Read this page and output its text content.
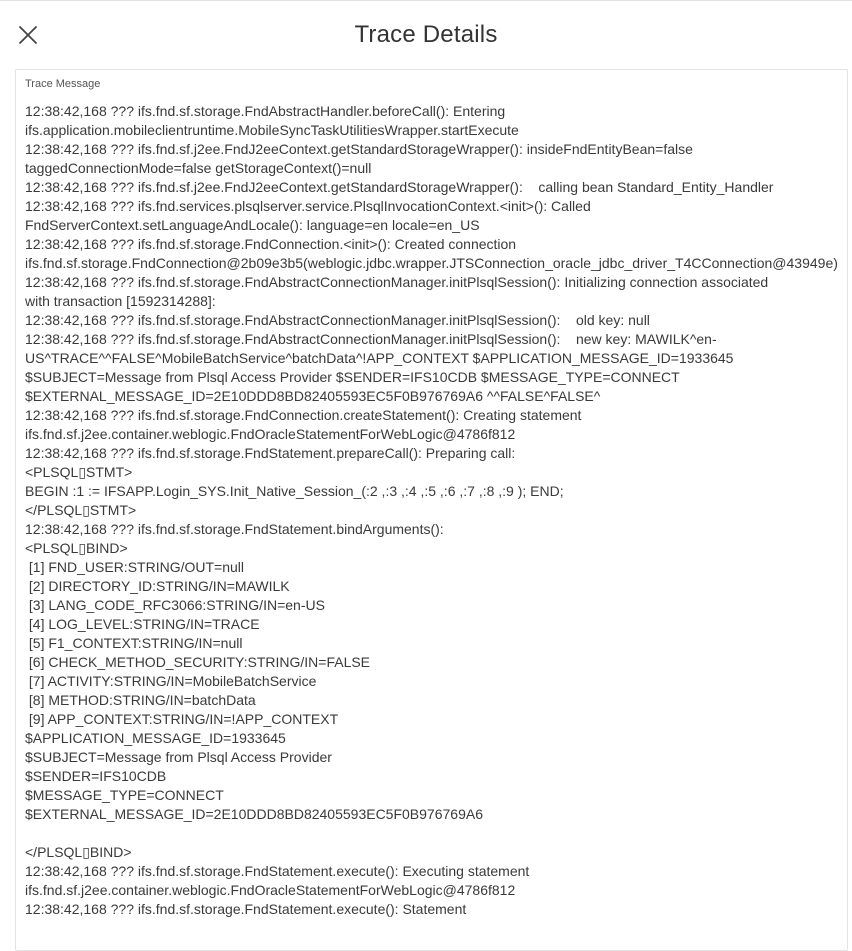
Trace Details
Trace Message
12:38:42,168 ??? ifs.fnd.sf.storage.FndAbstractHandler.beforeCall(): Entering
ifs.application.mobileclientruntime.MobileSyncTaskUtilitiesWrapper.startExecute
12:38:42,168 ??? ifs.fnd.sf.j2ee.FndJ2eeContext.getStandardStorageWrapper(): insideFndEntityBean=false
taggedConnectionMode=false getStorageContext()=null
12:38:42,168 ??? ifs.fnd.sf.j2ee.FndJ2eeContext.getStandardStorageWrapper():    calling bean Standard_Entity_Handler
12:38:42,168 ??? ifs.fnd.services.plsqlserver.service.PlsqlInvocationContext.<init>(): Called
FndServerContext.setLanguageAndLocale(): language=en locale=en_US
12:38:42,168 ??? ifs.fnd.sf.storage.FndConnection.<init>(): Created connection
ifs.fnd.sf.storage.FndConnection@2b09e3b5(weblogic.jdbc.wrapper.JTSConnection_oracle_jdbc_driver_T4CConnection@43949e)
12:38:42,168 ??? ifs.fnd.sf.storage.FndAbstractConnectionManager.initPlsqlSession(): Initializing connection associated
with transaction [1592314288]:
12:38:42,168 ??? ifs.fnd.sf.storage.FndAbstractConnectionManager.initPlsqlSession():    old key: null
12:38:42,168 ??? ifs.fnd.sf.storage.FndAbstractConnectionManager.initPlsqlSession():    new key: MAWILK^en-
US^TRACE^^FALSE^MobileBatchService^batchData^!APP_CONTEXT $APPLICATION_MESSAGE_ID=1933645
$SUBJECT=Message from Plsql Access Provider $SENDER=IFS10CDB $MESSAGE_TYPE=CONNECT
$EXTERNAL_MESSAGE_ID=2E10DDD8BD82405593EC5F0B976769A6 ^^FALSE^FALSE^
12:38:42,168 ??? ifs.fnd.sf.storage.FndConnection.createStatement(): Creating statement
ifs.fnd.sf.j2ee.container.weblogic.FndOracleStatementForWebLogic@4786f812
12:38:42,168 ??? ifs.fnd.sf.storage.FndStatement.prepareCall(): Preparing call:
<PLSQL▯STMT>
BEGIN :1 := IFSAPP.Login_SYS.Init_Native_Session_(:2 ,:3 ,:4 ,:5 ,:6 ,:7 ,:8 ,:9 ); END;
</PLSQL▯STMT>
12:38:42,168 ??? ifs.fnd.sf.storage.FndStatement.bindArguments():
<PLSQL▯BIND>
[1] FND_USER:STRING/OUT=null
[2] DIRECTORY_ID:STRING/IN=MAWILK
[3] LANG_CODE_RFC3066:STRING/IN=en-US
[4] LOG_LEVEL:STRING/IN=TRACE
[5] F1_CONTEXT:STRING/IN=null
[6] CHECK_METHOD_SECURITY:STRING/IN=FALSE
[7] ACTIVITY:STRING/IN=MobileBatchService
[8] METHOD:STRING/IN=batchData
[9] APP_CONTEXT:STRING/IN=!APP_CONTEXT
$APPLICATION_MESSAGE_ID=1933645
$SUBJECT=Message from Plsql Access Provider
$SENDER=IFS10CDB
$MESSAGE_TYPE=CONNECT
$EXTERNAL_MESSAGE_ID=2E10DDD8BD82405593EC5F0B976769A6

</PLSQL▯BIND>
12:38:42,168 ??? ifs.fnd.sf.storage.FndStatement.execute(): Executing statement
ifs.fnd.sf.j2ee.container.weblogic.FndOracleStatementForWebLogic@4786f812
12:38:42,168 ??? ifs.fnd.sf.storage.FndStatement.execute(): Statement
